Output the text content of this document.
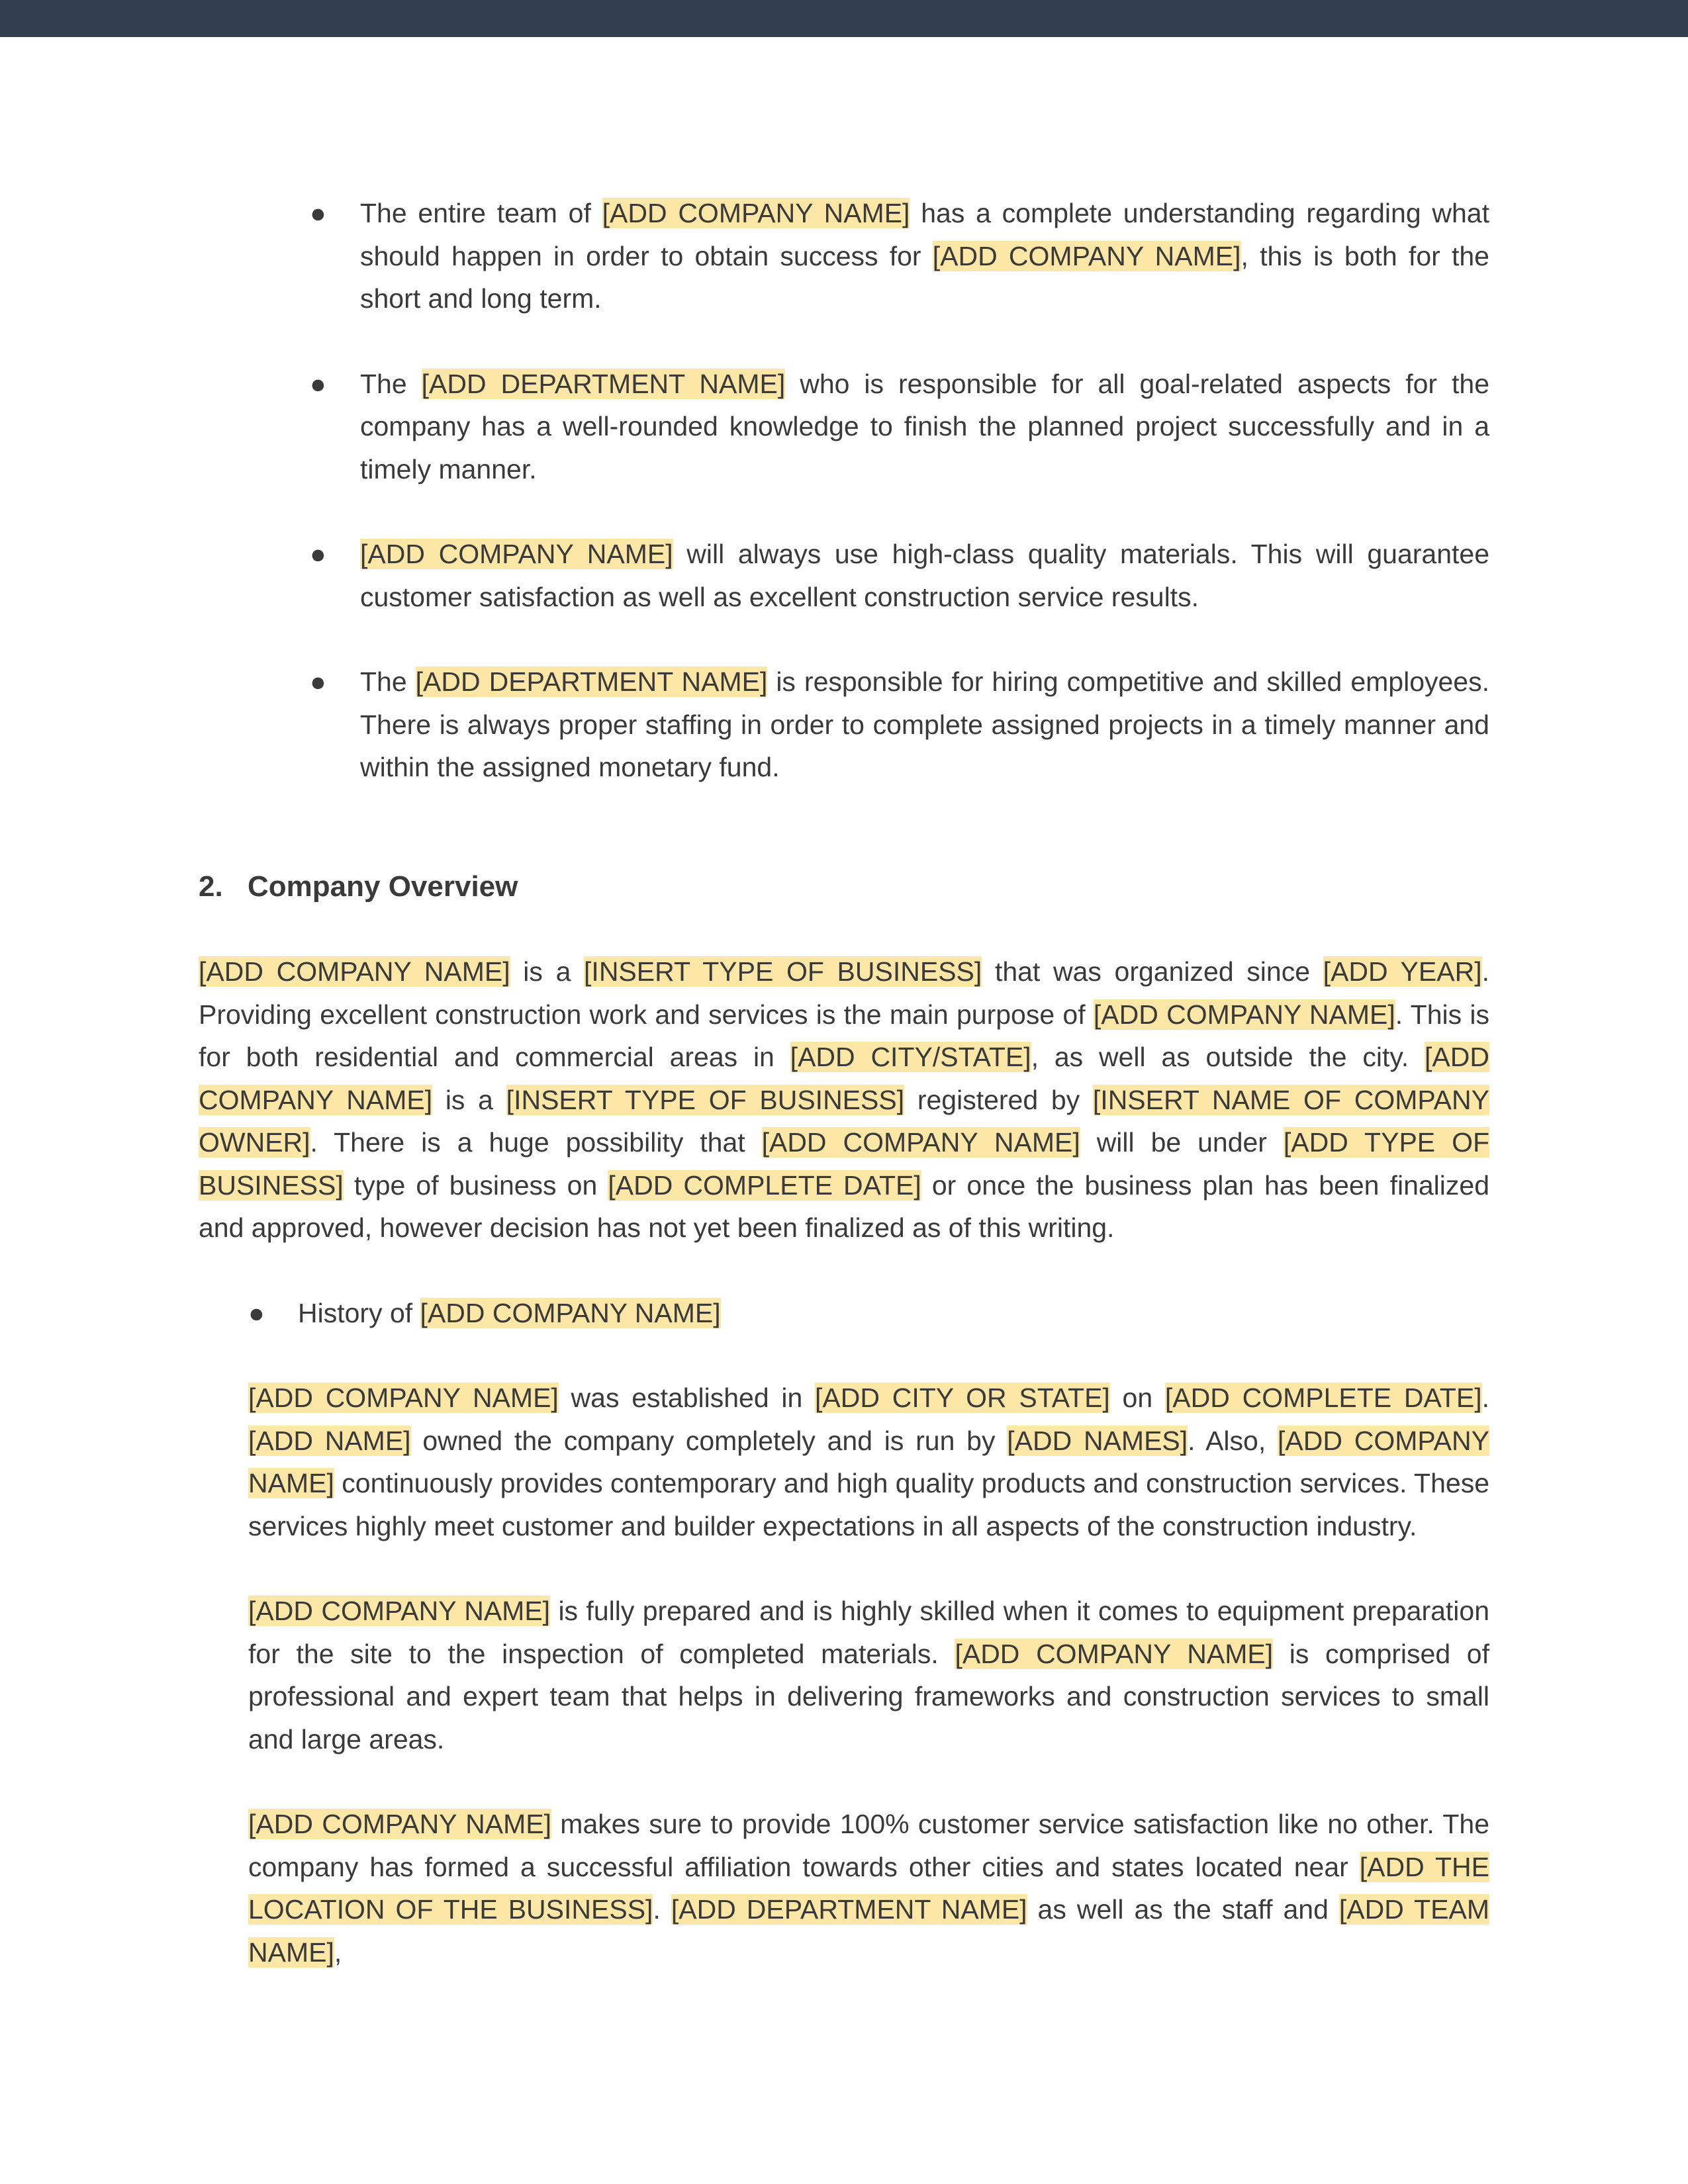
● The entire team of [ADD COMPANY NAME] has a complete understanding regarding what should happen in order to obtain success for [ADD COMPANY NAME], this is both for the short and long term.

● The [ADD DEPARTMENT NAME] who is responsible for all goal-related aspects for the company has a well-rounded knowledge to finish the planned project successfully and in a timely manner.

● [ADD COMPANY NAME] will always use high-class quality materials. This will guarantee customer satisfaction as well as excellent construction service results.

● The [ADD DEPARTMENT NAME] is responsible for hiring competitive and skilled employees. There is always proper staffing in order to complete assigned projects in a timely manner and within the assigned monetary fund.

2. Company Overview

[ADD COMPANY NAME] is a [INSERT TYPE OF BUSINESS] that was organized since [ADD YEAR]. Providing excellent construction work and services is the main purpose of [ADD COMPANY NAME]. This is for both residential and commercial areas in [ADD CITY/STATE], as well as outside the city. [ADD COMPANY NAME] is a [INSERT TYPE OF BUSINESS] registered by [INSERT NAME OF COMPANY OWNER]. There is a huge possibility that [ADD COMPANY NAME] will be under [ADD TYPE OF BUSINESS] type of business on [ADD COMPLETE DATE] or once the business plan has been finalized and approved, however decision has not yet been finalized as of this writing.

● History of [ADD COMPANY NAME]

[ADD COMPANY NAME] was established in [ADD CITY OR STATE] on [ADD COMPLETE DATE]. [ADD NAME] owned the company completely and is run by [ADD NAMES]. Also, [ADD COMPANY NAME] continuously provides contemporary and high quality products and construction services. These services highly meet customer and builder expectations in all aspects of the construction industry.

[ADD COMPANY NAME] is fully prepared and is highly skilled when it comes to equipment preparation for the site to the inspection of completed materials. [ADD COMPANY NAME] is comprised of professional and expert team that helps in delivering frameworks and construction services to small and large areas.

[ADD COMPANY NAME] makes sure to provide 100% customer service satisfaction like no other. The company has formed a successful affiliation towards other cities and states located near [ADD THE LOCATION OF THE BUSINESS]. [ADD DEPARTMENT NAME] as well as the staff and [ADD TEAM NAME],
